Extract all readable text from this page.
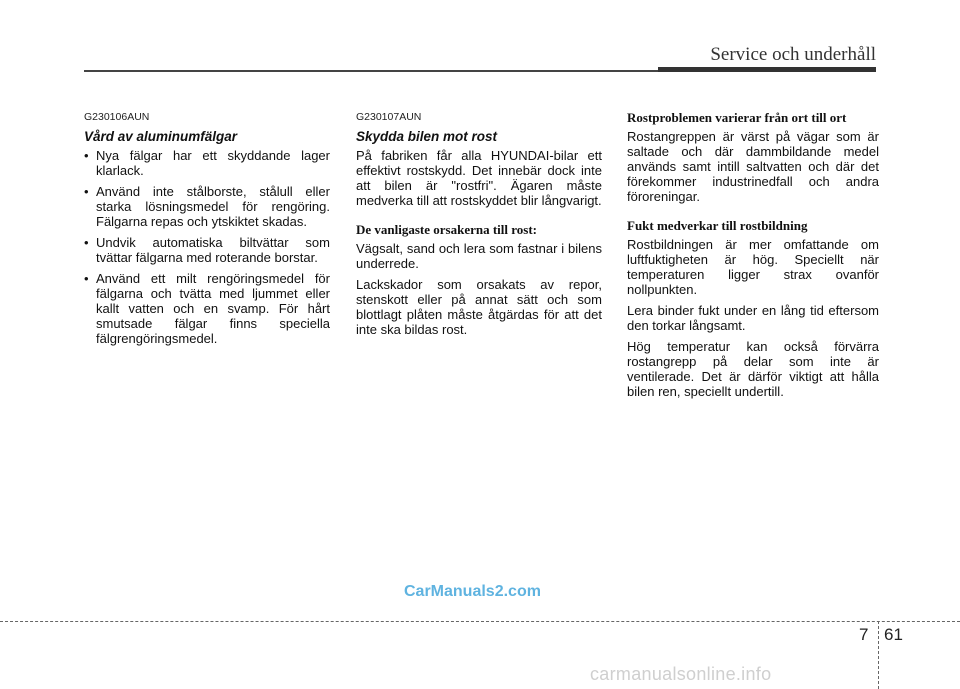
Service och underhåll
G230106AUN
Vård av aluminumfälgar
• Nya fälgar har ett skyddande lager klarlack.
• Använd inte stålborste, stålull eller starka lösningsmedel för rengöring. Fälgarna repas och ytskiktet skadas.
• Undvik automatiska biltvättar som tvättar fälgarna med roterande borstar.
• Använd ett milt rengöringsmedel för fälgarna och tvätta med ljummet eller kallt vatten och en svamp. För hårt smutsade fälgar finns speciella fälgrengöringsmedel.
G230107AUN
Skydda bilen mot rost

På fabriken får alla HYUNDAI-bilar ett effektivt rostskydd. Det innebär dock inte att bilen är "rostfri". Ägaren måste medverka till att rostskyddet blir långvarigt.

De vanligaste orsakerna till rost:

Vägsalt, sand och lera som fastnar i bilens underrede.

Lackskador som orsakats av repor, stenskott eller på annat sätt och som blottlagt plåten måste åtgärdas för att det inte ska bildas rost.

Rostproblemen varierar från ort till ort

Rostangreppen är värst på vägar som är saltade och där dammbildande medel används samt intill saltvatten och där det förekommer industrinedfall och andra föroreningar.

Fukt medverkar till rostbildning

Rostbildningen är mer omfattande om luftfuktigheten är hög. Speciellt när temperaturen ligger strax ovanför nollpunkten.

Lera binder fukt under en lång tid eftersom den torkar långsamt.

Hög temperatur kan också förvärra rostangrepp på delar som inte är ventilerade. Det är därför viktigt att hålla bilen ren, speciellt undertill.

CarManuals2.com
7 61
carmanualsonline.info
